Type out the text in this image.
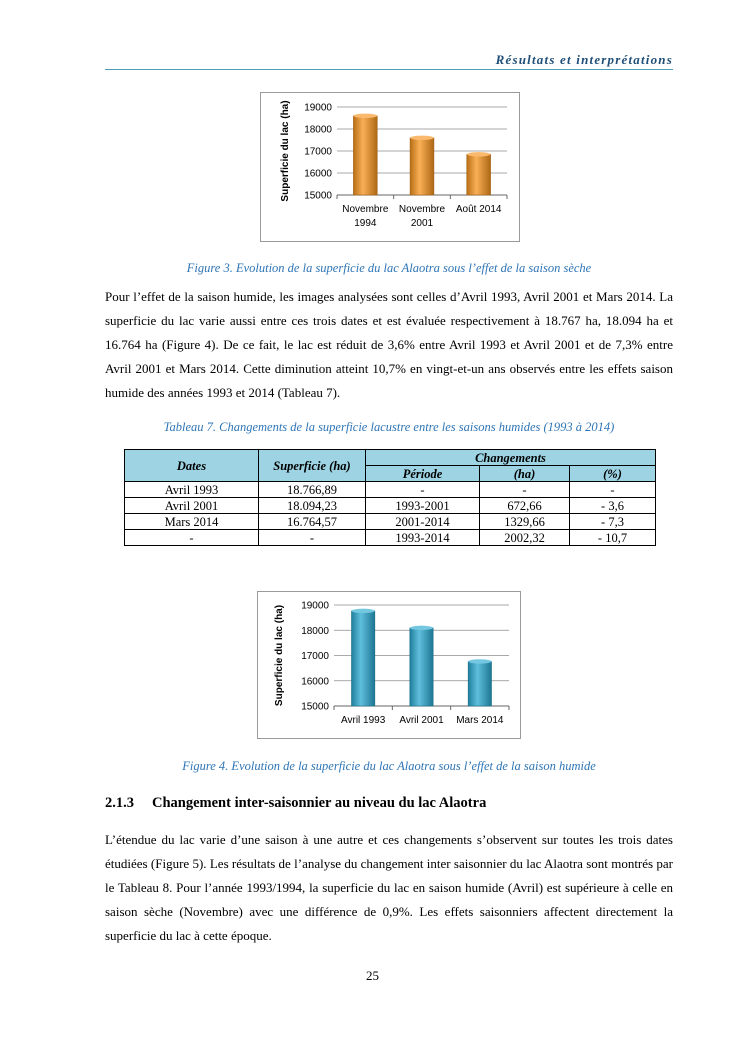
Résultats et interprétations
19000
18000
17000
16000
15000
Superficie du lac (ha)
Novembre
1994
Novembre
2001
Août 2014
Figure 3. Evolution de la superficie du lac Alaotra sous l’effet de la saison sèche
Pour l’effet de la saison humide, les images analysées sont celles d’Avril 1993, Avril 2001 et Mars 2014. La superficie du lac varie aussi entre ces trois dates et est évaluée respectivement à 18.767 ha, 18.094 ha et 16.764 ha (Figure 4). De ce fait, le lac est réduit de 3,6% entre Avril 1993 et Avril 2001 et de 7,3% entre Avril 2001 et Mars 2014. Cette diminution atteint 10,7% en vingt-et-un ans observés entre les effets saison humide des années 1993 et 2014 (Tableau 7).
Tableau 7. Changements de la superficie lacustre entre les saisons humides (1993 à 2014)
Dates	Superficie (ha)	Changements		
		Période	(ha)	(%)
Avril 1993	18.766,89	-	-	-
Avril 2001	18.094,23	1993-2001	672,66	- 3,6
Mars 2014	16.764,57	2001-2014	1329,66	- 7,3
-	-	1993-2014	2002,32	- 10,7
19000
18000
17000
16000
15000
Superficie du lac (ha)
Avril 1993 Avril 2001 Mars 2014
Figure 4. Evolution de la superficie du lac Alaotra sous l’effet de la saison humide
2.1.3 Changement inter-saisonnier au niveau du lac Alaotra
L’étendue du lac varie d’une saison à une autre et ces changements s’observent sur toutes les trois dates étudiées (Figure 5). Les résultats de l’analyse du changement inter saisonnier du lac Alaotra sont montrés par le Tableau 8. Pour l’année 1993/1994, la superficie du lac en saison humide (Avril) est supérieure à celle en saison sèche (Novembre) avec une différence de 0,9%. Les effets saisonniers affectent directement la superficie du lac à cette époque.
25
